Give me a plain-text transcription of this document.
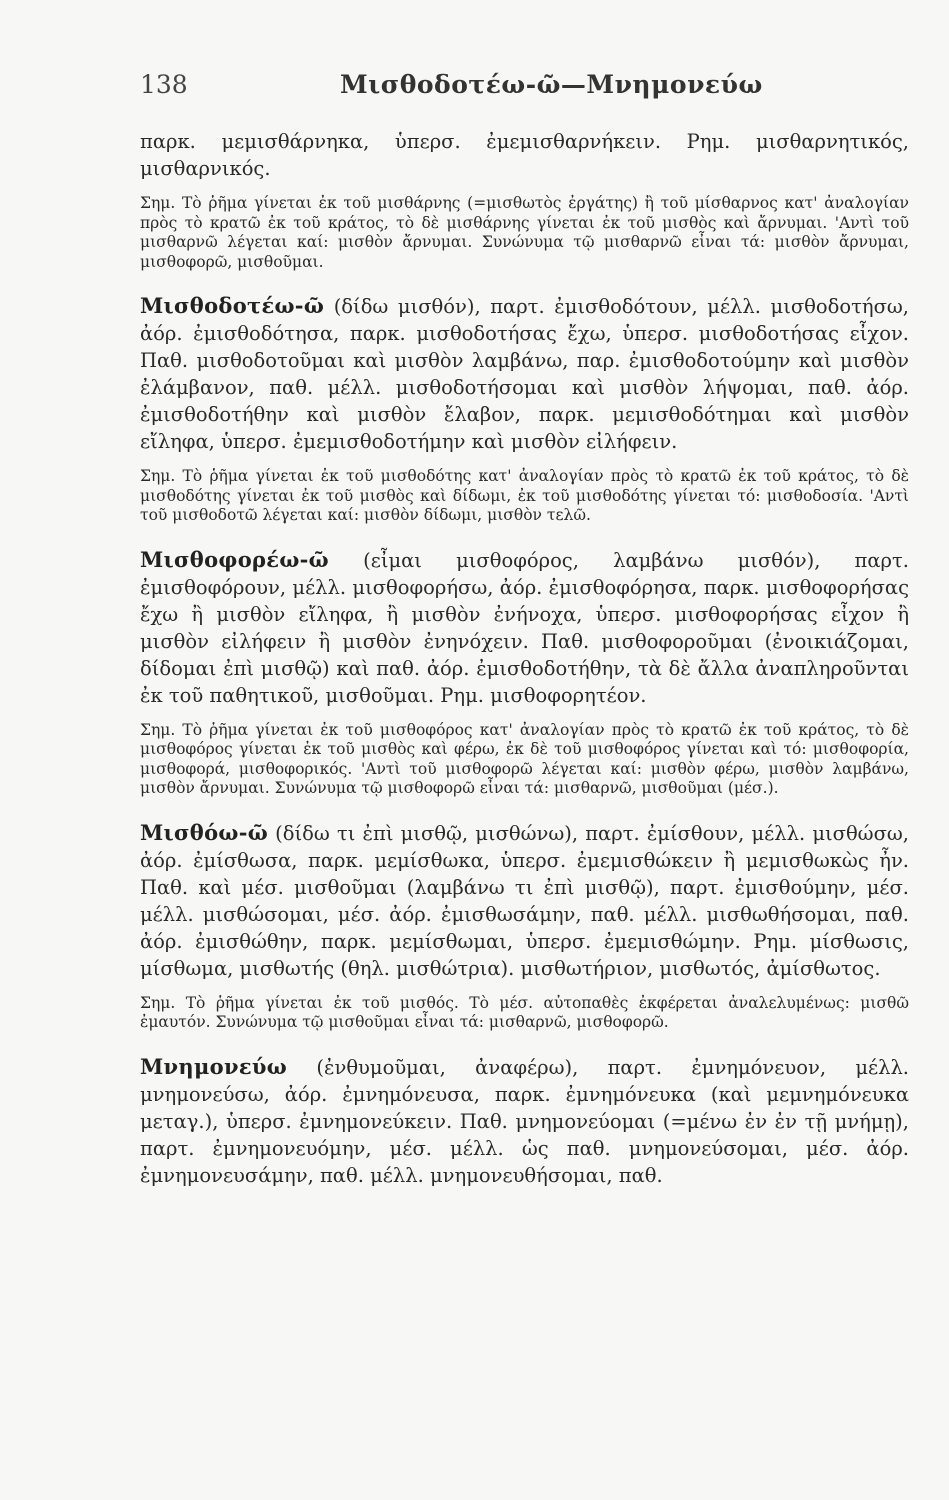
138	Μισθοδοτέω-ῶ—Μνημονεύω

παρκ. μεμισθάρνηκα, ὑπερσ. ἐμεμισθαρνήκειν. Ρημ. μισθαρνητικός, μισθαρνικός.

Σημ. Τὸ ῥῆμα γίνεται ἐκ τοῦ μισθάρνης (=μισθωτὸς ἐργάτης) ἢ τοῦ μίσθαρνος κατ' ἀναλογίαν πρὸς τὸ κρατῶ ἐκ τοῦ κράτος, τὸ δὲ μισθάρνης γίνεται ἐκ τοῦ μισθὸς καὶ ἄρνυμαι. 'Αντὶ τοῦ μισθαρνῶ λέγεται καί: μισθὸν ἄρνυμαι. Συνώνυμα τῷ μισθαρνῶ εἶναι τά: μισθὸν ἄρνυμαι, μισθοφορῶ, μισθοῦμαι.

Μισθοδοτέω-ῶ (δίδω μισθόν), παρτ. ἐμισθοδότουν, μέλλ. μισθοδοτήσω, ἀόρ. ἐμισθοδότησα, παρκ. μισθοδοτήσας ἔχω, ὑπερσ. μισθοδοτήσας εἶχον. Παθ. μισθοδοτοῦμαι καὶ μισθὸν λαμβάνω, παρ. ἐμισθοδοτούμην καὶ μισθὸν ἐλάμβανον, παθ. μέλλ. μισθοδοτήσομαι καὶ μισθὸν λήψομαι, παθ. ἀόρ. ἐμισθοδοτήθην καὶ μισθὸν ἔλαβον, παρκ. μεμισθοδότημαι καὶ μισθὸν εἴληφα, ὑπερσ. ἐμεμισθοδοτήμην καὶ μισθὸν εἰλήφειν.

Σημ. Τὸ ῥῆμα γίνεται ἐκ τοῦ μισθοδότης κατ' ἀναλογίαν πρὸς τὸ κρατῶ ἐκ τοῦ κράτος, τὸ δὲ μισθοδότης γίνεται ἐκ τοῦ μισθὸς καὶ δίδωμι, ἐκ τοῦ μισθοδότης γίνεται τό: μισθοδοσία. 'Αντὶ τοῦ μισθοδοτῶ λέγεται καί: μισθὸν δίδωμι, μισθὸν τελῶ.

Μισθοφορέω-ῶ (εἶμαι μισθοφόρος, λαμβάνω μισθόν), παρτ. ἐμισθοφόρουν, μέλλ. μισθοφορήσω, ἀόρ. ἐμισθοφόρησα, παρκ. μισθοφορήσας ἔχω ἢ μισθὸν εἴληφα, ἢ μισθὸν ἐνήνοχα, ὑπερσ. μισθοφορήσας εἶχον ἢ μισθὸν εἰλήφειν ἢ μισθὸν ἐνηνόχειν. Παθ. μισθοφοροῦμαι (ἐνοικιάζομαι, δίδομαι ἐπὶ μισθῷ) καὶ παθ. ἀόρ. ἐμισθοδοτήθην, τὰ δὲ ἄλλα ἀναπληροῦνται ἐκ τοῦ παθητικοῦ, μισθοῦμαι. Ρημ. μισθοφορητέον.

Σημ. Τὸ ῥῆμα γίνεται ἐκ τοῦ μισθοφόρος κατ' ἀναλογίαν πρὸς τὸ κρατῶ ἐκ τοῦ κράτος, τὸ δὲ μισθοφόρος γίνεται ἐκ τοῦ μισθὸς καὶ φέρω, ἐκ δὲ τοῦ μισθοφόρος γίνεται καὶ τό: μισθοφορία, μισθοφορά, μισθοφορικός. 'Αντὶ τοῦ μισθοφορῶ λέγεται καί: μισθὸν φέρω, μισθὸν λαμβάνω, μισθὸν ἄρνυμαι. Συνώνυμα τῷ μισθοφορῶ εἶναι τά: μισθαρνῶ, μισθοῦμαι (μέσ.).

Μισθόω-ῶ (δίδω τι ἐπὶ μισθῷ, μισθώνω), παρτ. ἐμίσθουν, μέλλ. μισθώσω, ἀόρ. ἐμίσθωσα, παρκ. μεμίσθωκα, ὑπερσ. ἐμεμισθώκειν ἢ μεμισθωκὼς ἦν. Παθ. καὶ μέσ. μισθοῦμαι (λαμβάνω τι ἐπὶ μισθῷ), παρτ. ἐμισθούμην, μέσ. μέλλ. μισθώσομαι, μέσ. ἀόρ. ἐμισθωσάμην, παθ. μέλλ. μισθωθήσομαι, παθ. ἀόρ. ἐμισθώθην, παρκ. μεμίσθωμαι, ὑπερσ. ἐμεμισθώμην. Ρημ. μίσθωσις, μίσθωμα, μισθωτής (θηλ. μισθώτρια). μισθωτήριον, μισθωτός, ἀμίσθωτος.

Σημ. Τὸ ῥῆμα γίνεται ἐκ τοῦ μισθός. Τὸ μέσ. αὐτοπαθὲς ἐκφέρεται ἀναλελυμένως: μισθῶ ἐμαυτόν. Συνώνυμα τῷ μισθοῦμαι εἶναι τά: μισθαρνῶ, μισθοφορῶ.

Μνημονεύω (ἐνθυμοῦμαι, ἀναφέρω), παρτ. ἐμνημόνευον, μέλλ. μνημονεύσω, ἀόρ. ἐμνημόνευσα, παρκ. ἐμνημόνευκα (καὶ μεμνημόνευκα μεταγ.), ὑπερσ. ἐμνημονεύκειν. Παθ. μνημονεύομαι (=μένω ἐν ἐν τῇ μνήμῃ), παρτ. ἐμνημονευόμην, μέσ. μέλλ. ὡς παθ. μνημονεύσομαι, μέσ. ἀόρ. ἐμνημονευσάμην, παθ. μέλλ. μνημονευθήσομαι, παθ.
